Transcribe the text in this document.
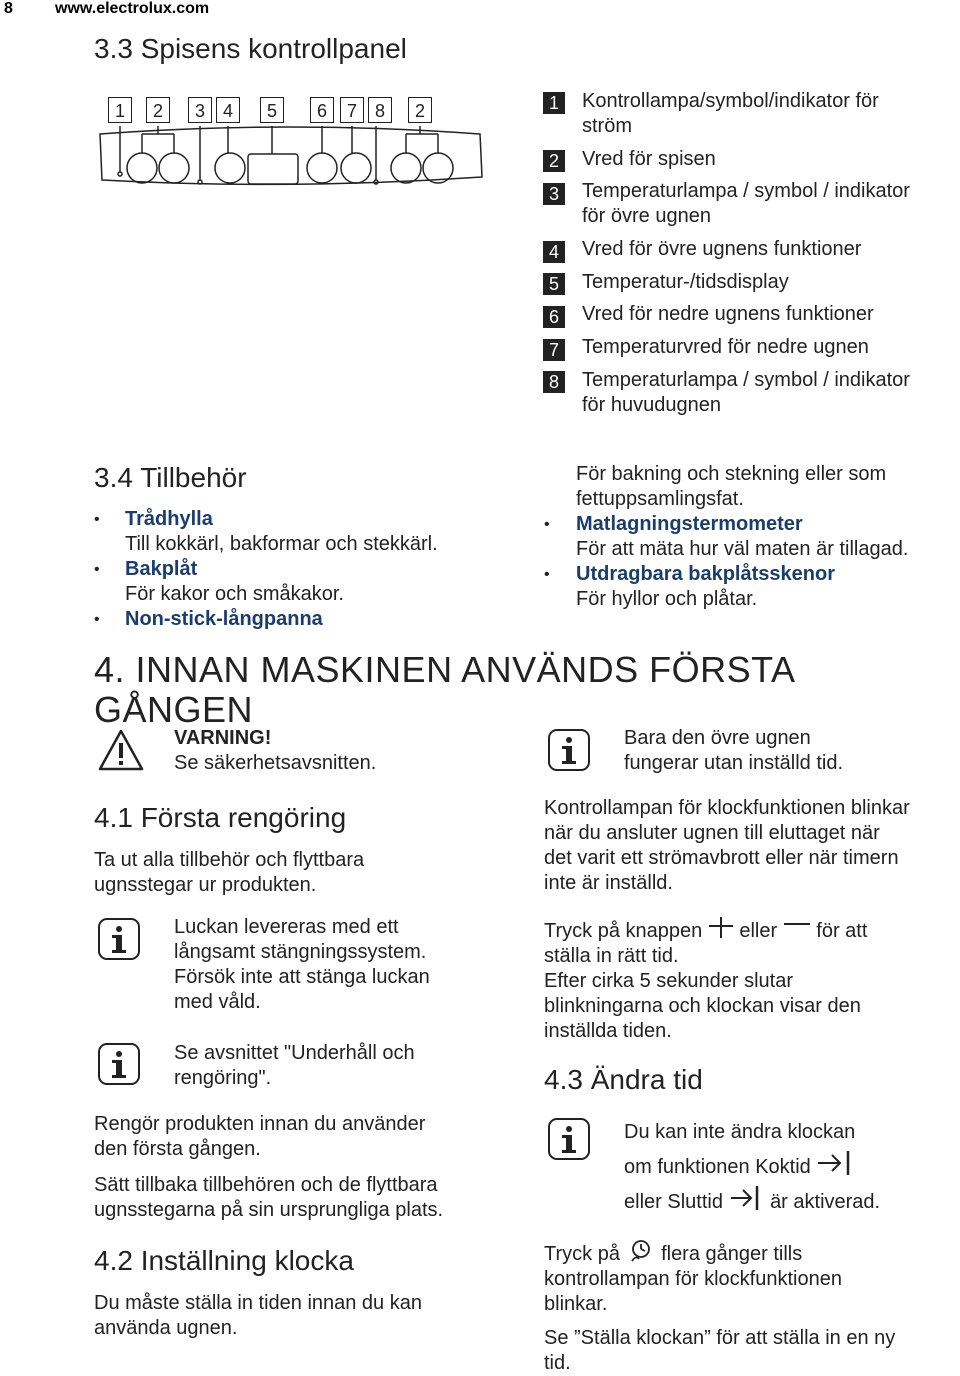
8	www.electrolux.com
3.3 Spisens kontrollpanel
1	2	3 4	5	6	7 8	2	1	Kontrollampa/symbol/indikator för
ström
2	Vred för spisen
3	Temperaturlampa / symbol / indikator
för övre ugnen
4	Vred för övre ugnens funktioner
5	Temperatur-/tidsdisplay
6	Vred för nedre ugnens funktioner
7	Temperaturvred för nedre ugnen
8	Temperaturlampa / symbol / indikator
för huvudugnen
3.4 Tillbehör
• Trådhylla
Till kokkärl, bakformar och stekkärl.
• Bakplåt
För kakor och småkakor.
• Non-stick-långpanna
För bakning och stekning eller som
fettuppsamlingsfat.
• Matlagningstermometer
För att mäta hur väl maten är tillagad.
• Utdragbara bakplåtsskenor
För hyllor och plåtar.
4. INNAN MASKINEN ANVÄNDS FÖRSTA GÅNGEN
VARNING!
Se säkerhetsavsnitten.
4.1 Första rengöring
Ta ut alla tillbehör och flyttbara
ugnsstegar ur produkten.
Luckan levereras med ett
långsamt stängningssystem.
Försök inte att stänga luckan
med våld.
Se avsnittet "Underhåll och
rengöring".
Rengör produkten innan du använder
den första gången.
Sätt tillbaka tillbehören och de flyttbara
ugnsstegarna på sin ursprungliga plats.
4.2 Inställning klocka
Du måste ställa in tiden innan du kan
använda ugnen.
Bara den övre ugnen
fungerar utan inställd tid.
Kontrollampan för klockfunktionen blinkar
när du ansluter ugnen till eluttaget när
det varit ett strömavbrott eller när timern
inte är inställd.
Tryck på knappen eller för att
ställa in rätt tid.
Efter cirka 5 sekunder slutar
blinkningarna och klockan visar den
inställda tiden.
4.3 Ändra tid
Du kan inte ändra klockan
om funktionen Koktid
eller Sluttid är aktiverad.
Tryck på flera gånger tills
kontrollampan för klockfunktionen
blinkar.
Se ”Ställa klockan” för att ställa in en ny
tid.
